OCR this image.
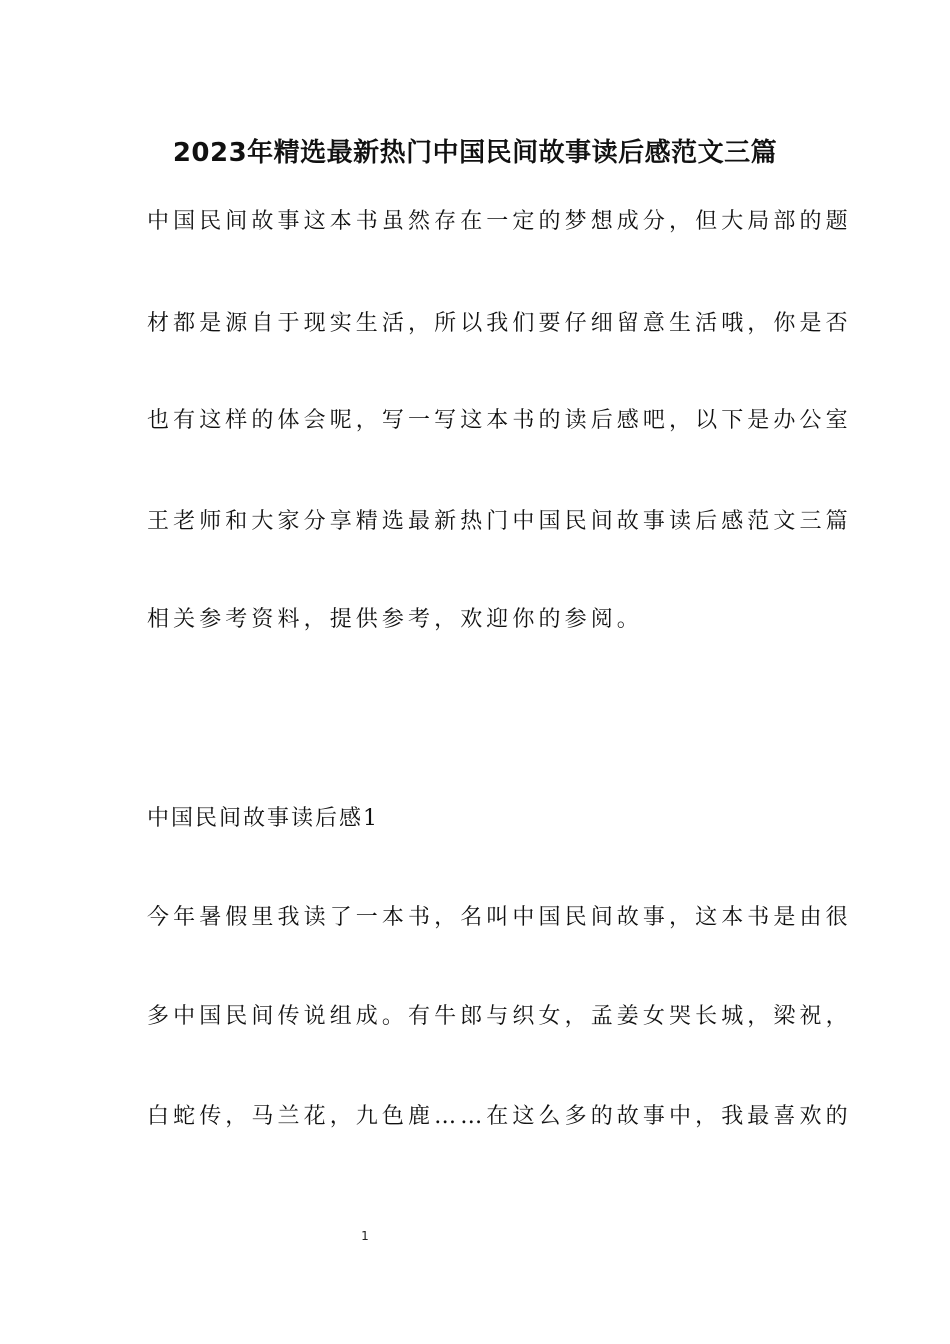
2023年精选最新热门中国民间故事读后感范文三篇
中国民间故事这本书虽然存在一定的梦想成分，但大局部的题
材都是源自于现实生活，所以我们要仔细留意生活哦，你是否
也有这样的体会呢，写一写这本书的读后感吧，以下是办公室
王老师和大家分享精选最新热门中国民间故事读后感范文三篇
相关参考资料，提供参考，欢迎你的参阅。
中国民间故事读后感1
今年暑假里我读了一本书，名叫中国民间故事，这本书是由很
多中国民间传说组成。有牛郎与织女，孟姜女哭长城，梁祝，
白蛇传，马兰花，九色鹿……在这么多的故事中，我最喜欢的
1
